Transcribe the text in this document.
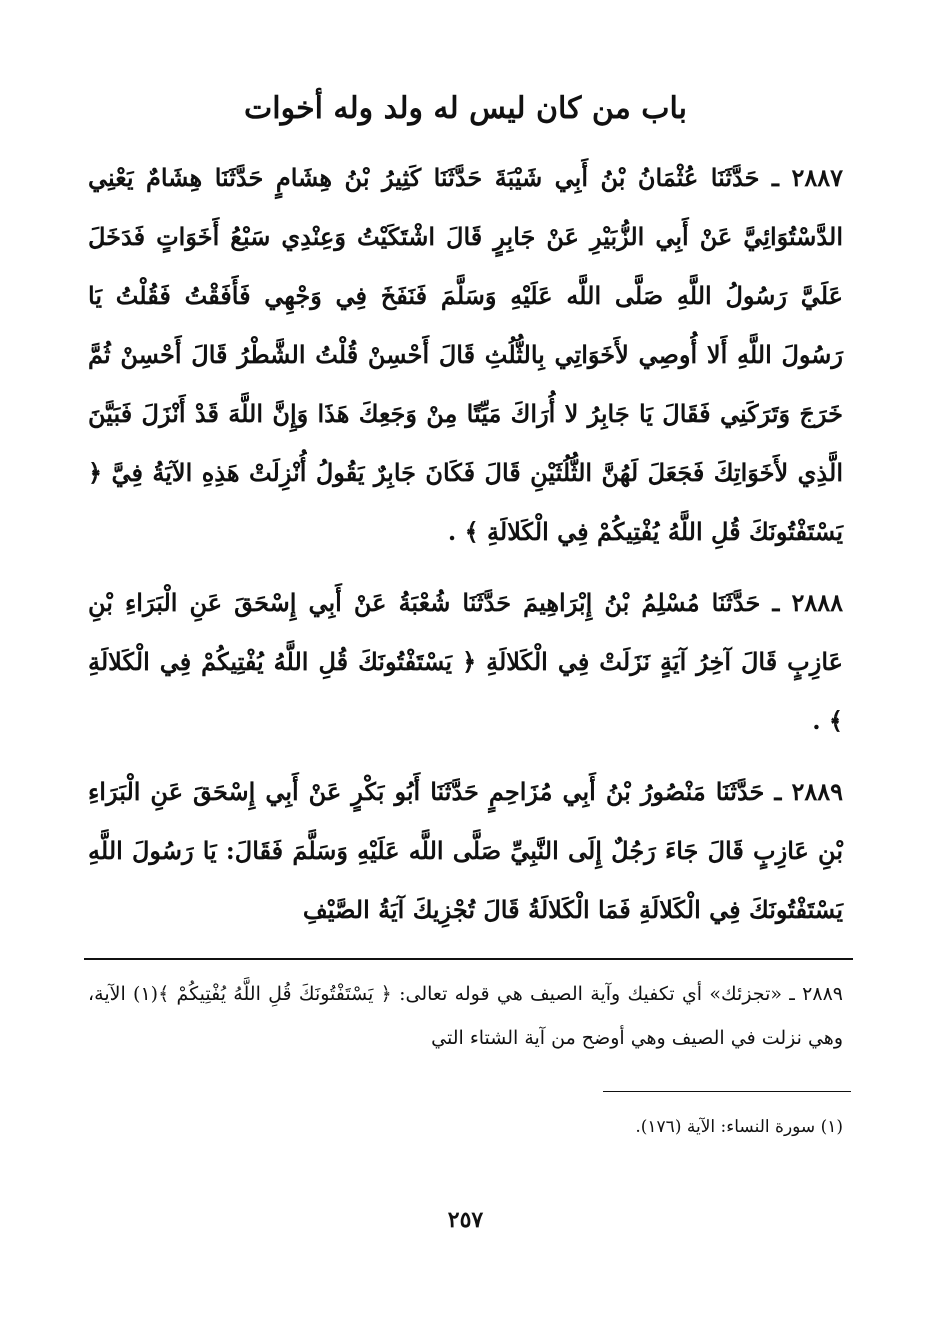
باب من كان ليس له ولد وله أخوات

٢٨٨٧ ـ حَدَّثَنَا عُثْمَانُ بْنُ أَبِي شَيْبَةَ حَدَّثَنَا كَثِيرُ بْنُ هِشَامٍ حَدَّثَنَا هِشَامٌ يَعْنِي الدَّسْتُوَائِيَّ عَنْ أَبِي الزُّبَيْرِ عَنْ جَابِرٍ قَالَ اشْتَكَيْتُ وَعِنْدِي سَبْعُ أَخَوَاتٍ فَدَخَلَ عَلَيَّ رَسُولُ اللَّهِ صَلَّى اللَّه عَلَيْهِ وَسَلَّمَ فَنَفَخَ فِي وَجْهِي فَأَفَقْتُ فَقُلْتُ يَا رَسُولَ اللَّهِ أَلا أُوصِي لأَخَوَاتِي بِالثُّلُثِ قَالَ أَحْسِنْ قُلْتُ الشَّطْرُ قَالَ أَحْسِنْ ثُمَّ خَرَجَ وَتَرَكَنِي فَقَالَ يَا جَابِرُ لا أُرَاكَ مَيِّتًا مِنْ وَجَعِكَ هَذَا وَإِنَّ اللَّهَ قَدْ أَنْزَلَ فَبَيَّنَ الَّذِي لأَخَوَاتِكَ فَجَعَلَ لَهُنَّ الثُّلُثَيْنِ قَالَ فَكَانَ جَابِرٌ يَقُولُ أُنْزِلَتْ هَذِهِ الآيَةُ فِيَّ ﴿ يَسْتَفْتُونَكَ قُلِ اللَّهُ يُفْتِيكُمْ فِي الْكَلالَةِ ﴾ .

٢٨٨٨ ـ حَدَّثَنَا مُسْلِمُ بْنُ إِبْرَاهِيمَ حَدَّثَنَا شُعْبَةُ عَنْ أَبِي إِسْحَقَ عَنِ الْبَرَاءِ بْنِ عَازِبٍ قَالَ آخِرُ آيَةٍ نَزَلَتْ فِي الْكَلالَةِ ﴿ يَسْتَفْتُونَكَ قُلِ اللَّهُ يُفْتِيكُمْ فِي الْكَلالَةِ ﴾ .

٢٨٨٩ ـ حَدَّثَنَا مَنْصُورُ بْنُ أَبِي مُزَاحِمٍ حَدَّثَنَا أَبُو بَكْرٍ عَنْ أَبِي إِسْحَقَ عَنِ الْبَرَاءِ بْنِ عَازِبٍ قَالَ جَاءَ رَجُلٌ إِلَى النَّبِيِّ صَلَّى اللَّه عَلَيْهِ وَسَلَّمَ فَقَالَ: يَا رَسُولَ اللَّهِ يَسْتَفْتُونَكَ فِي الْكَلالَةِ فَمَا الْكَلالَةُ قَالَ تُجْزِيكَ آيَةُ الصَّيْفِ

٢٨٨٩ ـ «تجزئك» أي تكفيك وآية الصيف هي قوله تعالى: ﴿ يَسْتَفْتُونَكَ قُلِ اللَّهُ يُفْتِيكُمْ ﴾(١) الآية، وهي نزلت في الصيف وهي أوضح من آية الشتاء التي
(١) سورة النساء: الآية (١٧٦).
٢٥٧
